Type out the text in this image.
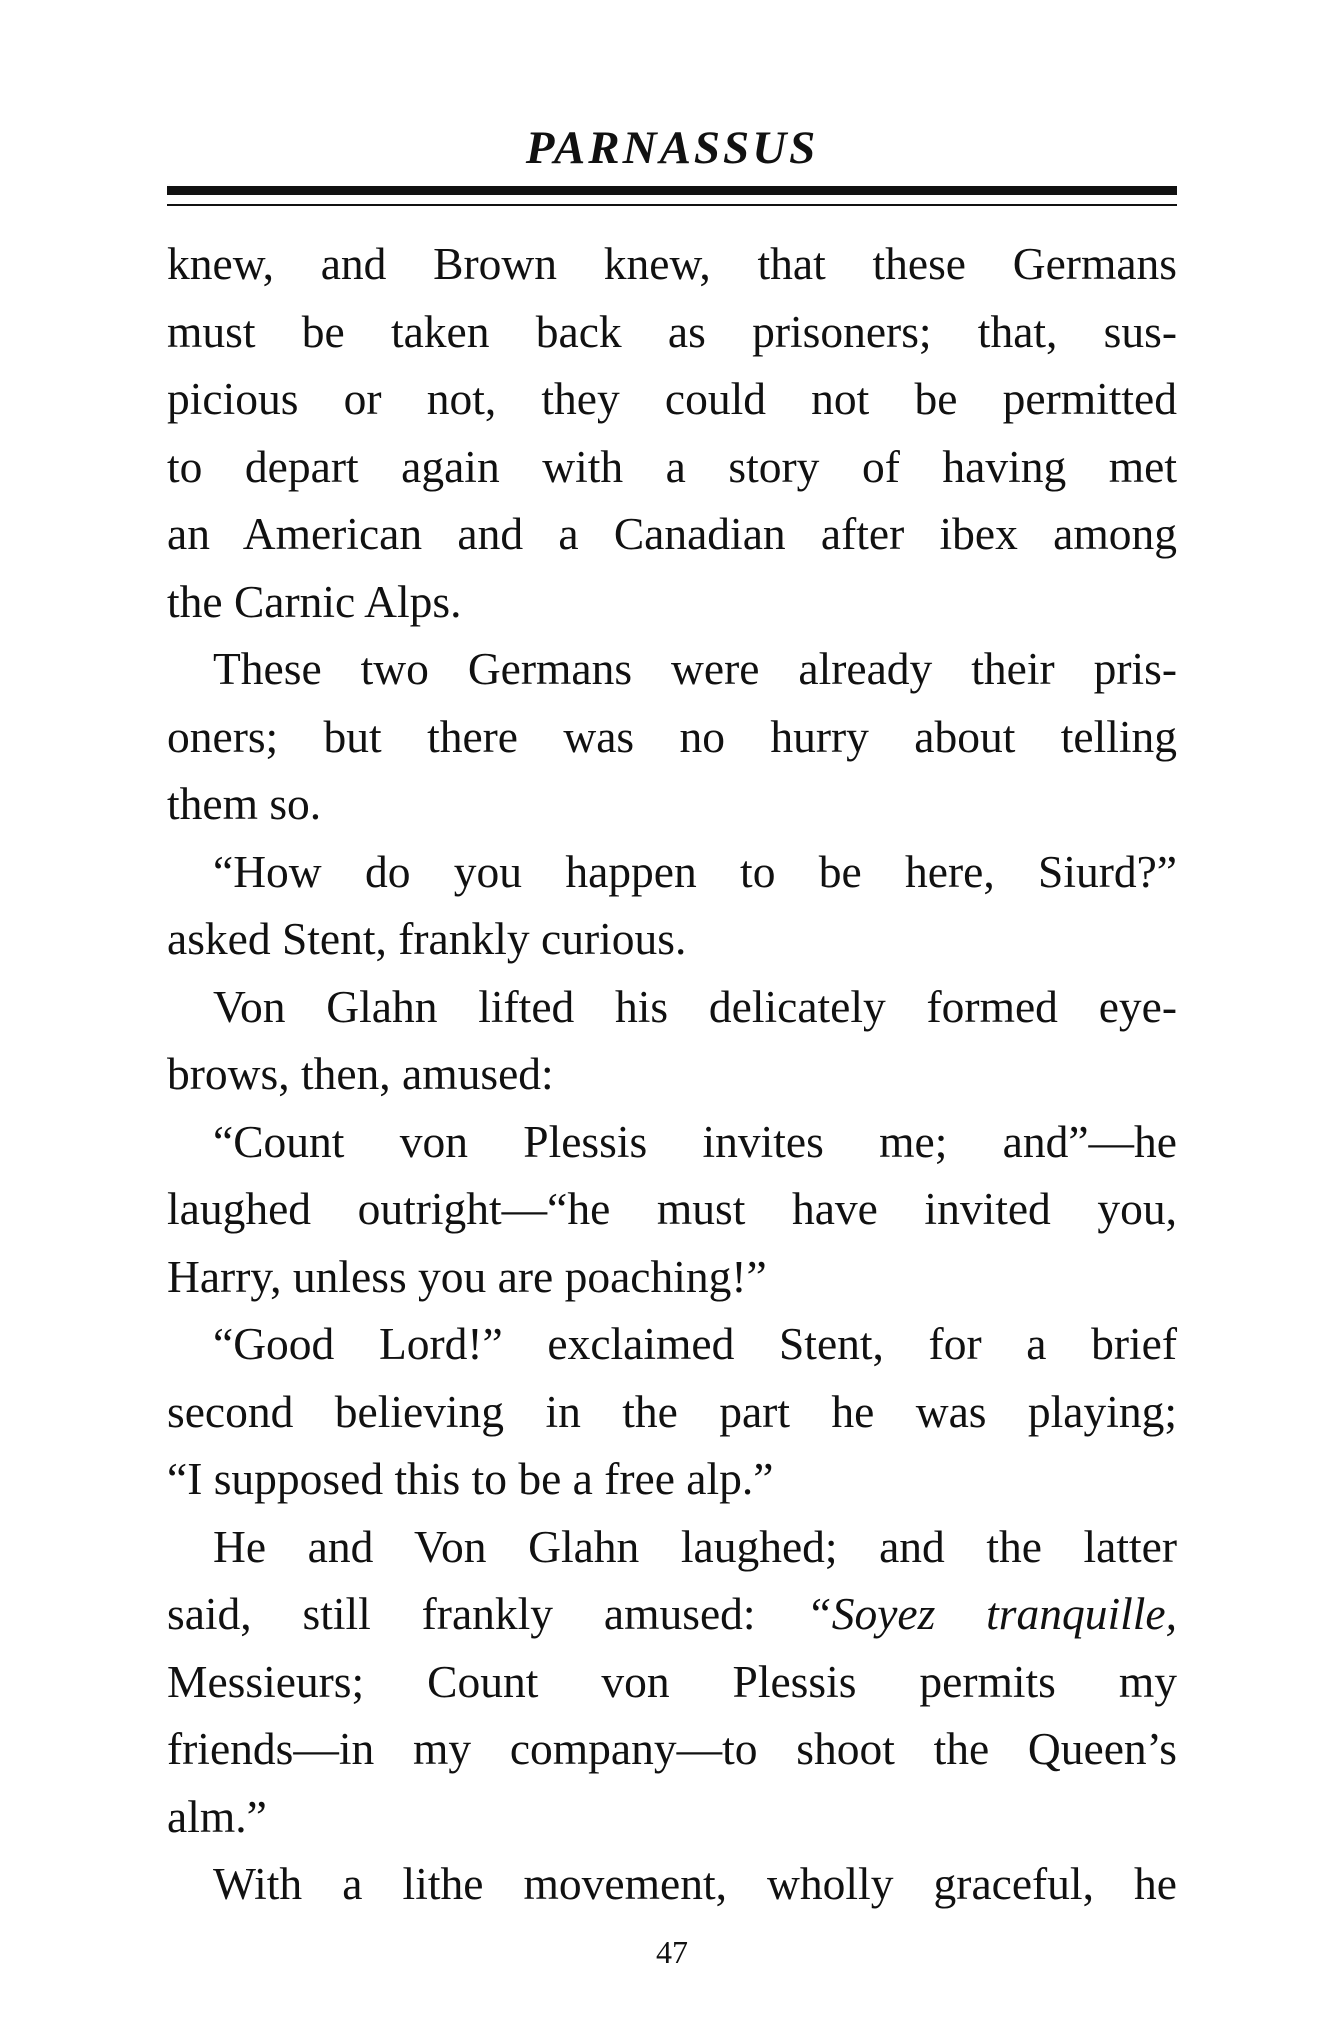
PARNASSUS
knew, and Brown knew, that these Germans
must be taken back as prisoners; that, sus-
picious or not, they could not be permitted
to depart again with a story of having met
an American and a Canadian after ibex among
the Carnic Alps.
These two Germans were already their pris-
oners; but there was no hurry about telling
them so.
“How do you happen to be here, Siurd?”
asked Stent, frankly curious.
Von Glahn lifted his delicately formed eye-
brows, then, amused:
“Count von Plessis invites me; and”—he
laughed outright—“he must have invited you,
Harry, unless you are poaching!”
“Good Lord!” exclaimed Stent, for a brief
second believing in the part he was playing;
“I supposed this to be a free alp.”
He and Von Glahn laughed; and the latter
said, still frankly amused: “Soyez tranquille,
Messieurs; Count von Plessis permits my
friends—in my company—to shoot the Queen’s
alm.”
With a lithe movement, wholly graceful, he
47
